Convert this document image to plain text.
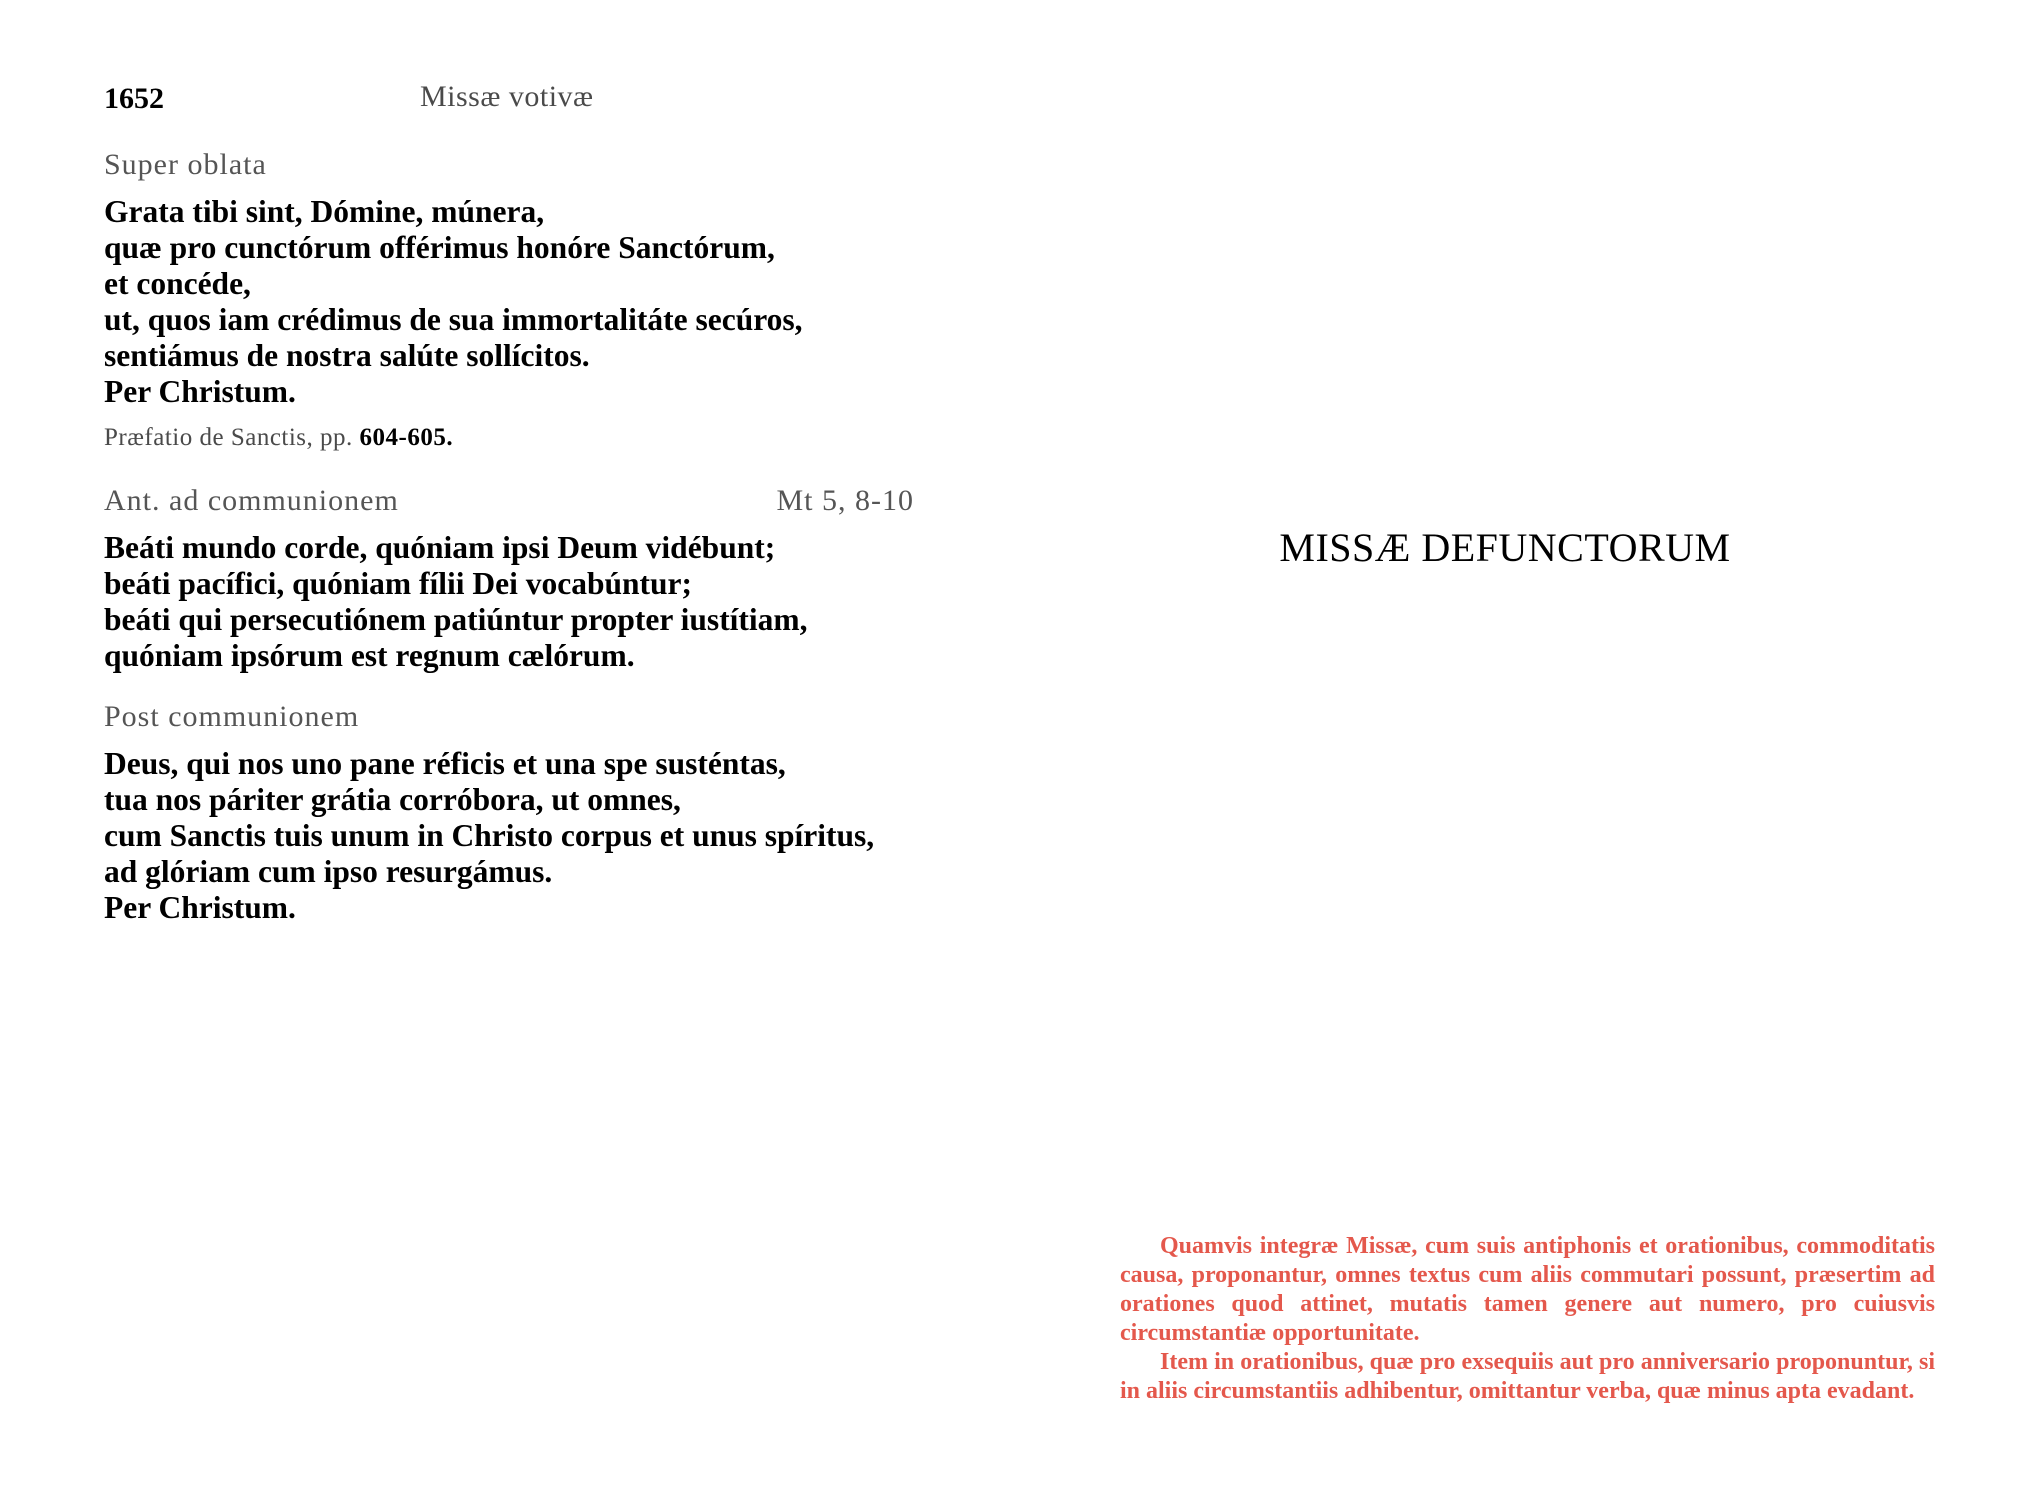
1652	Missæ votivæ
Super oblata
Grata tibi sint, Dómine, múnera,
quæ pro cunctórum offérimus honóre Sanctórum,
et concéde,
ut, quos iam crédimus de sua immortalitáte secúros,
sentiámus de nostra salúte sollícitos.
Per Christum.
Præfatio de Sanctis, pp. 604-605.
Ant. ad communionem	Mt 5, 8-10
Beáti mundo corde, quóniam ipsi Deum vidébunt;
beáti pacífici, quóniam fílii Dei vocabúntur;
beáti qui persecutiónem patiúntur propter iustítiam,
quóniam ipsórum est regnum cælórum.
Post communionem
Deus, qui nos uno pane réficis et una spe susténtas,
tua nos páriter grátia corróbora, ut omnes,
cum Sanctis tuis unum in Christo corpus et unus spíritus,
ad glóriam cum ipso resurgámus.
Per Christum.
MISSÆ DEFUNCTORUM

Quamvis integræ Missæ, cum suis antiphonis et orationibus, commoditatis causa, proponantur, omnes textus cum aliis commutari possunt, præsertim ad orationes quod attinet, mutatis tamen genere aut numero, pro cuiusvis circumstantiæ opportunitate.

Item in orationibus, quæ pro exsequiis aut pro anniversario proponuntur, si in aliis circumstantiis adhibentur, omittantur verba, quæ minus apta evadant.
